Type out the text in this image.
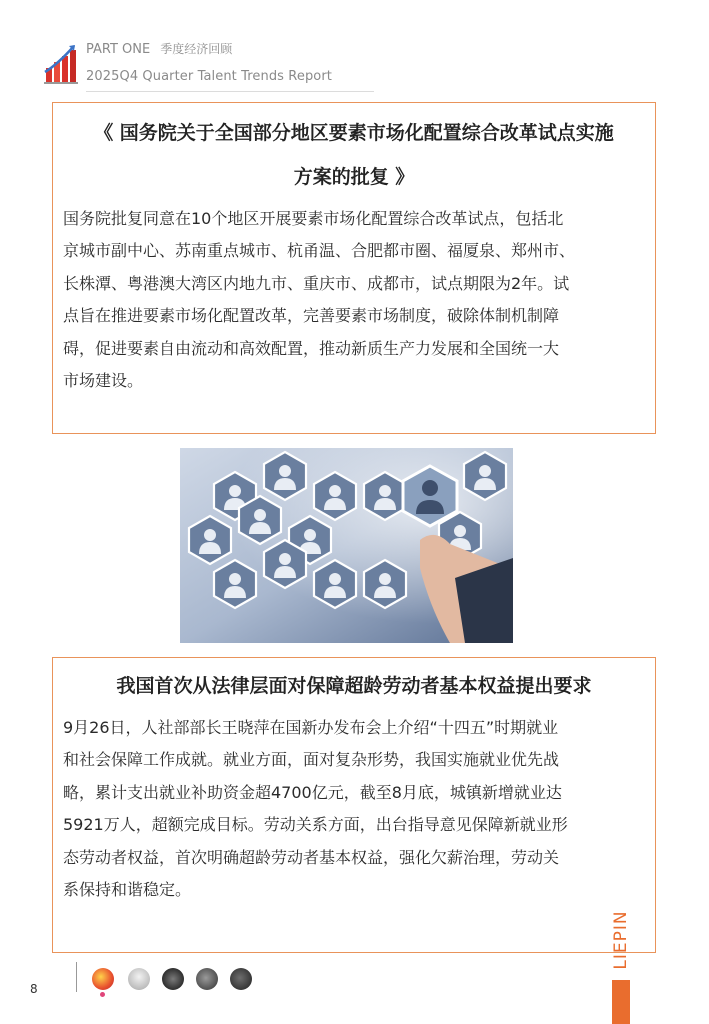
PART ONE 季度经济回顾
2025Q4 Quarter Talent Trends Report

《 国务院关于全国部分地区要素市场化配置综合改革试点实施
方案的批复 》

国务院批复同意在10个地区开展要素市场化配置综合改革试点，包括北
京城市副中心、苏南重点城市、杭甬温、合肥都市圈、福厦泉、郑州市、
长株潭、粤港澳大湾区内地九市、重庆市、成都市，试点期限为2年。试
点旨在推进要素市场化配置改革，完善要素市场制度，破除体制机制障
碍，促进要素自由流动和高效配置，推动新质生产力发展和全国统一大
市场建设。

我国首次从法律层面对保障超龄劳动者基本权益提出要求

9月26日，人社部部长王晓萍在国新办发布会上介绍“十四五”时期就业
和社会保障工作成就。就业方面，面对复杂形势，我国实施就业优先战
略，累计支出就业补助资金超4700亿元，截至8月底，城镇新增就业达
5921万人，超额完成目标。劳动关系方面，出台指导意见保障新就业形
态劳动者权益，首次明确超龄劳动者基本权益，强化欠薪治理，劳动关
系保持和谐稳定。

8
LIEPIN
